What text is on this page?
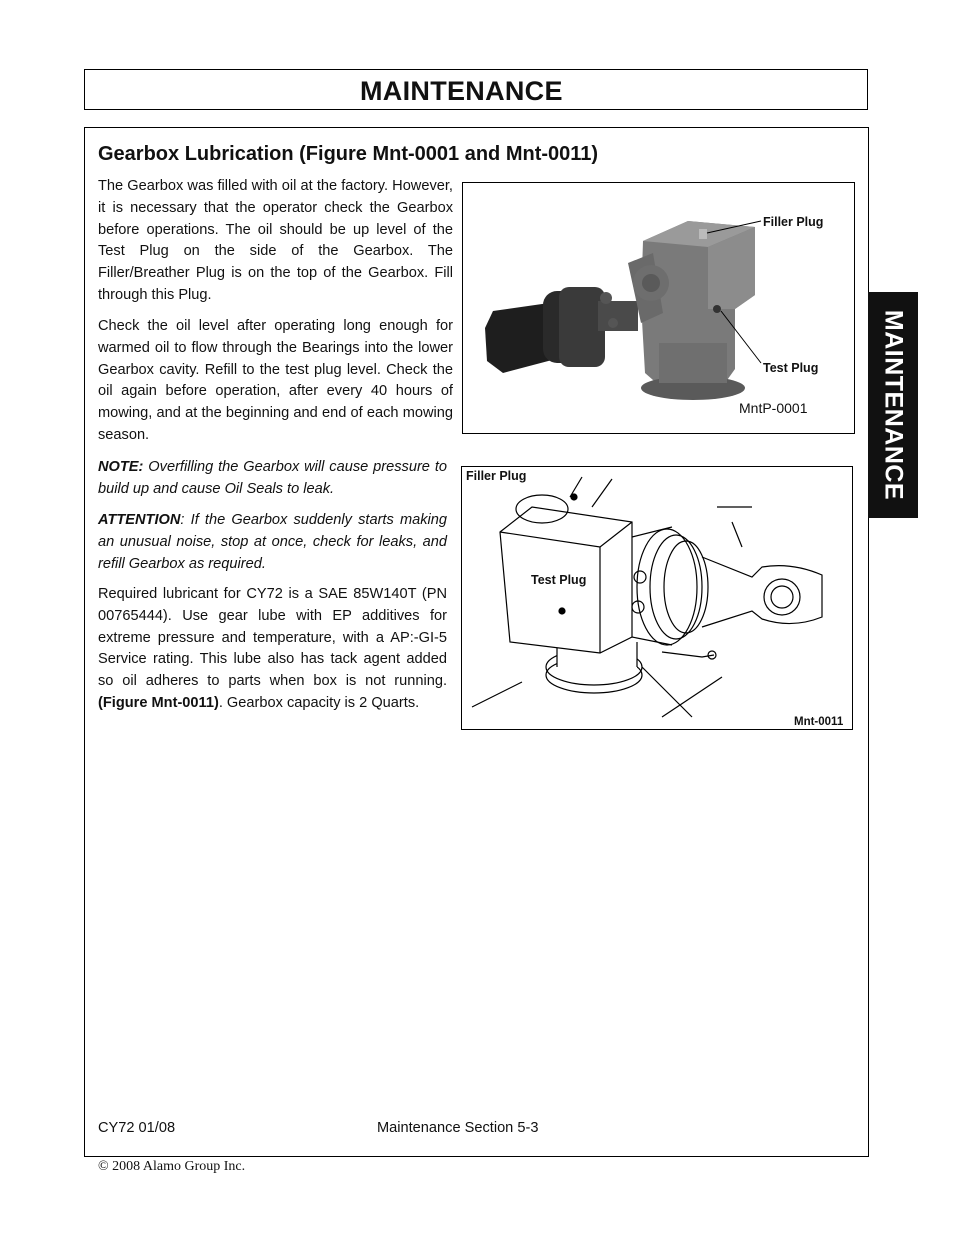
MAINTENANCE
Gearbox Lubrication (Figure Mnt-0001 and Mnt-0011)

The Gearbox was filled with oil at the factory. However, it is necessary that the operator check the Gearbox before operations. The oil should be up level of the Test Plug on the side of the Gearbox. The Filler/Breather Plug is on the top of the Gearbox. Fill through this Plug.

Check the oil level after operating long enough for warmed oil to flow through the Bearings into the lower Gearbox cavity. Refill to the test plug level. Check the oil again before operation, after every 40 hours of mowing, and at the beginning and end of each mowing season.

NOTE: Overfilling the Gearbox will cause pressure to build up and cause Oil Seals to leak.

ATTENTION: If the Gearbox suddenly starts making an unusual noise, stop at once, check for leaks, and refill Gearbox as required.

Required lubricant for CY72 is a SAE 85W140T (PN 00765444). Use gear lube with EP additives for extreme pressure and temperature, with a AP:-GI-5 Service rating. This lube also has tack agent added so oil adheres to parts when box is not running. (Figure Mnt-0011). Gearbox capacity is 2 Quarts.

Filler Plug
Test Plug
MntP-0001
Filler Plug
Test Plug
Mnt-0011
MAINTENANCE
CY72 01/08	Maintenance Section 5-3
© 2008 Alamo Group Inc.
